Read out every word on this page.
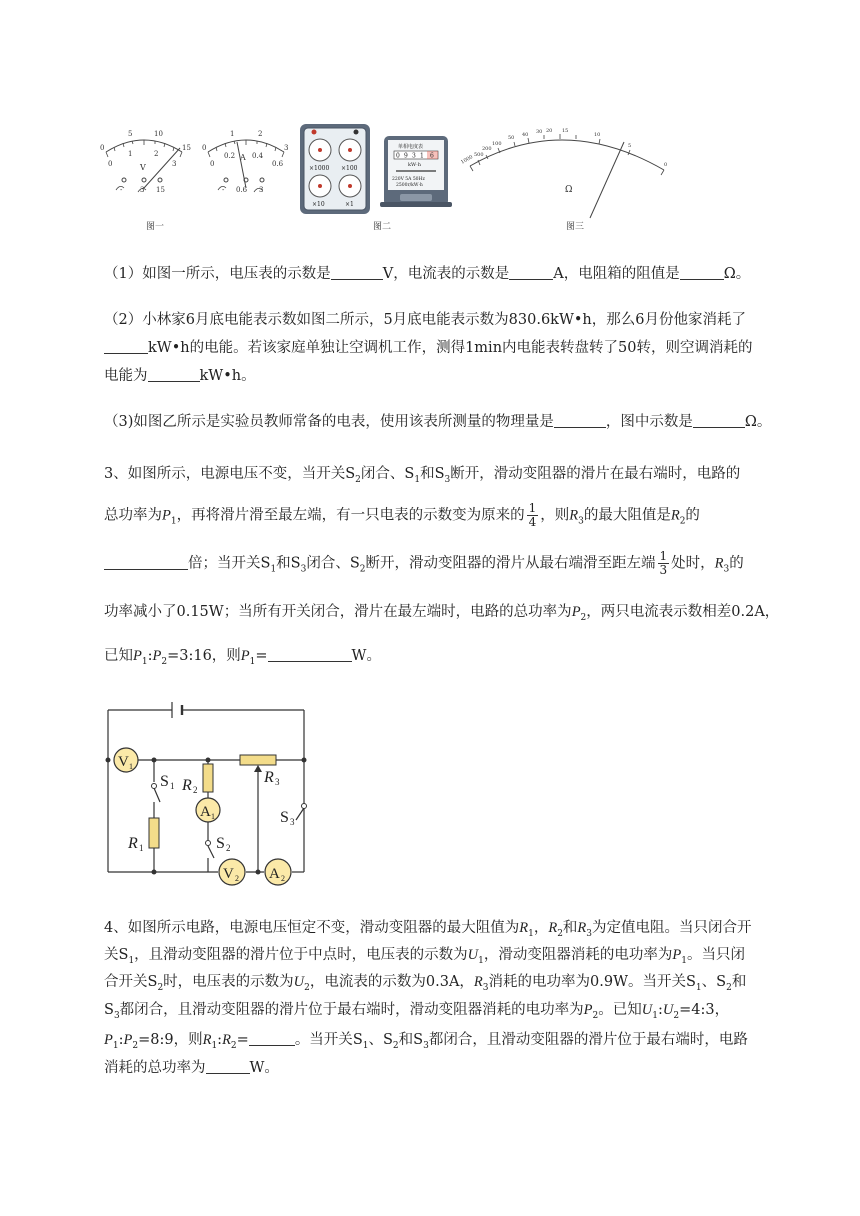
0
5	10
15
0
1	2
3
V
-	3 15
0
1	2
3
0
0.2 0.4
0.6
A
- 0.6 3
×1000 ×100
×10	×1
单相电度表
0 9 3 1 6
kW·h
220V 5A 50Hz
2500r/kW·h
1000 500
200
100
50 40 30 20 15
10
5
0
Ω
图一	图二	图三
（1）如图一所示，电压表的示数是	V，电流表的示数是	A，电阻箱的阻值是	Ω。
（2）小林家6月底电能表示数如图二所示，5月底电能表示数为830.6kW•h，那么6月份他家消耗了
kW•h的电能。若该家庭单独让空调机工作，测得1min内电能表转盘转了50转，则空调消耗的
电能为	kW•h。
（3)如图乙所示是实验员教师常备的电表，使用该表所测量的物理量是	，图中示数是	Ω。
3、如图所示，电源电压不变，当开关$S_2$闭合、$S_1$和$S_3$断开，滑动变阻器的滑片在最右端时，电路的
总功率为$P_1$，再将滑片滑至最左端，有一只电表的示数变为原来的 $\frac{1}{4}$ ，则$R_3$的最大阻值是$R_2$的
倍；当开关$S_1$和$S_3$闭合、$S_2$断开，滑动变阻器的滑片从最右端滑至距左端 $\frac{1}{3}$ 处时，$R_3$的
功率减小了0.15W；当所有开关闭合，滑片在最左端时，电路的总功率为$P_2$，两只电流表示数相差0.2A，
已知$P_1:P_2=3:16$，则$P_1=$	W。
V 1
A 1
V 2 A 2
S 1
S 2
S 3
R 1
R 2
R 3
4、如图所示电路，电源电压恒定不变，滑动变阻器的最大阻值为$R_1$，$R_2$和$R_3$为定值电阻。当只闭合开
关$S_1$，且滑动变阻器的滑片位于中点时，电压表的示数为$U_1$，滑动变阻器消耗的电功率为$P_1$。当只闭
合开关$S_2$时，电压表的示数为$U_2$，电流表的示数为0.3A，$R_3$消耗的电功率为0.9W。当开关$S_1$、$S_2$和
$S_3$都闭合，且滑动变阻器的滑片位于最右端时，滑动变阻器消耗的电功率为$P_2$。已知$U_1:U_2=4:3$，
$P_1:P_2=8:9$，则$R_1:R_2=$	。当开关$S_1$、$S_2$和$S_3$都闭合，且滑动变阻器的滑片位于最右端时，电路
消耗的总功率为	W。
